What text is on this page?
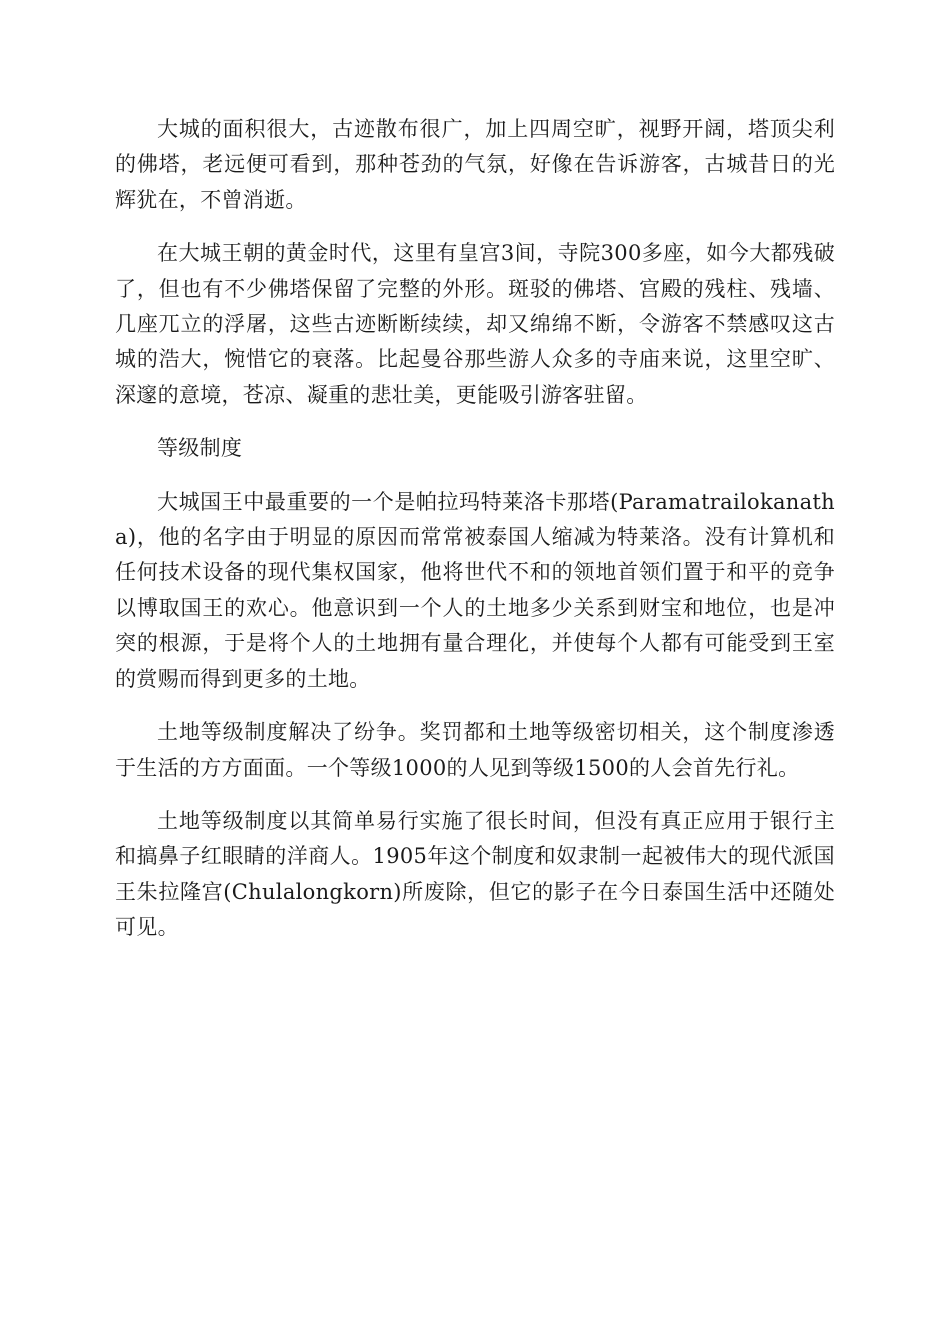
大城的面积很大，古迹散布很广，加上四周空旷，视野开阔，塔顶尖利的佛塔，老远便可看到，那种苍劲的气氛，好像在告诉游客，古城昔日的光辉犹在，不曾消逝。

在大城王朝的黄金时代，这里有皇宫3间，寺院300多座，如今大都残破了，但也有不少佛塔保留了完整的外形。斑驳的佛塔、宫殿的残柱、残墙、几座兀立的浮屠，这些古迹断断续续，却又绵绵不断，令游客不禁感叹这古城的浩大，惋惜它的衰落。比起曼谷那些游人众多的寺庙来说，这里空旷、深邃的意境，苍凉、凝重的悲壮美，更能吸引游客驻留。

等级制度

大城国王中最重要的一个是帕拉玛特莱洛卡那塔(Paramatrailokanatha)，他的名字由于明显的原因而常常被泰国人缩减为特莱洛。没有计算机和任何技术设备的现代集权国家，他将世代不和的领地首领们置于和平的竞争以博取国王的欢心。他意识到一个人的土地多少关系到财宝和地位，也是冲突的根源，于是将个人的土地拥有量合理化，并使每个人都有可能受到王室的赏赐而得到更多的土地。

土地等级制度解决了纷争。奖罚都和土地等级密切相关，这个制度渗透于生活的方方面面。一个等级1000的人见到等级1500的人会首先行礼。

土地等级制度以其简单易行实施了很长时间，但没有真正应用于银行主和搞鼻子红眼睛的洋商人。1905年这个制度和奴隶制一起被伟大的现代派国王朱拉隆宫(Chulalongkorn)所废除，但它的影子在今日泰国生活中还随处可见。
